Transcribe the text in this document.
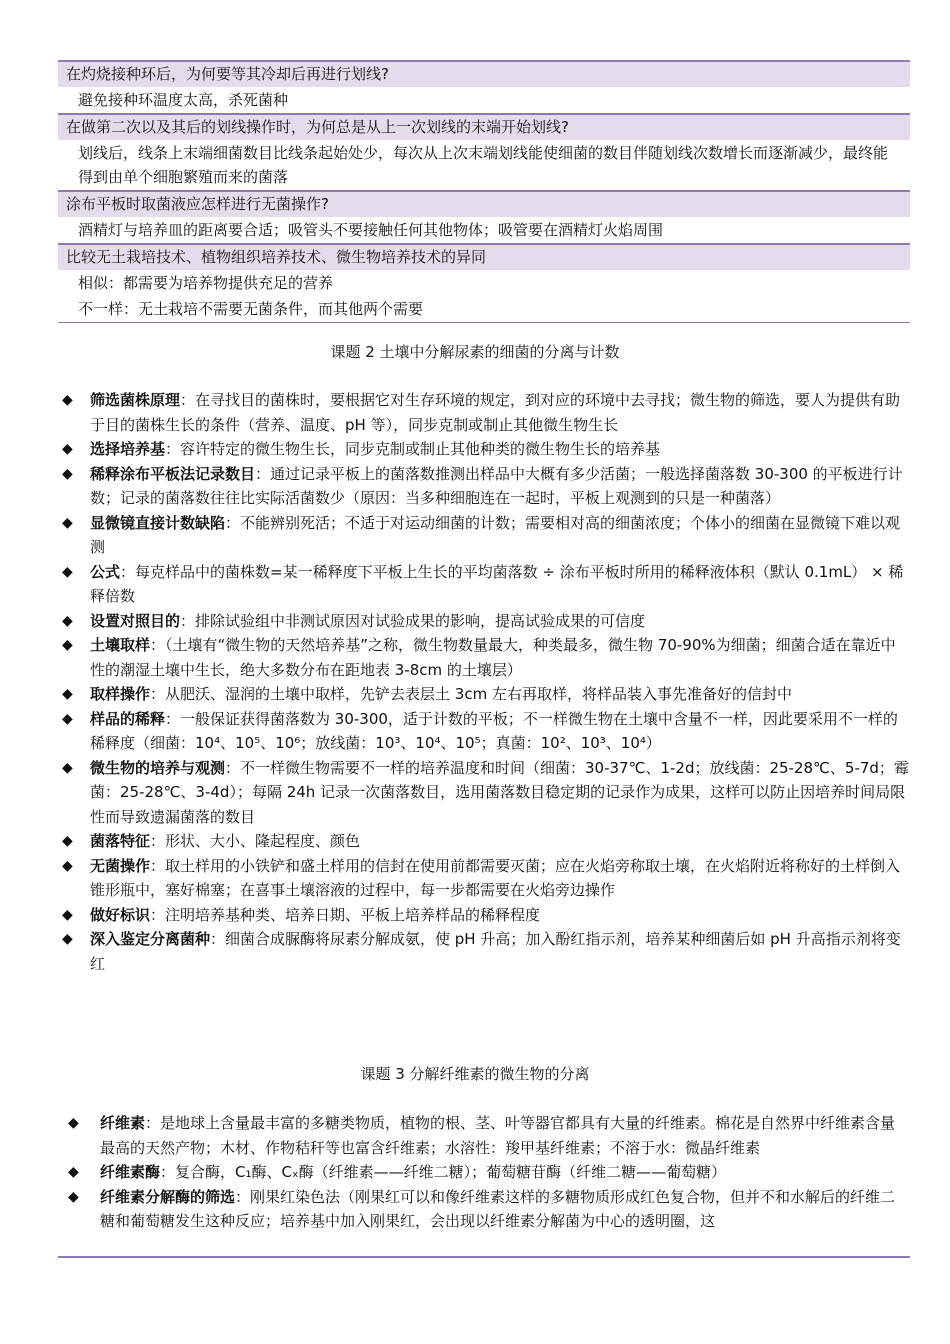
在灼烧接种环后，为何要等其冷却后再进行划线?
避免接种环温度太高，杀死菌种
在做第二次以及其后的划线操作时，为何总是从上一次划线的末端开始划线?
划线后，线条上末端细菌数目比线条起始处少，每次从上次末端划线能使细菌的数目伴随划线次数增长而逐渐减少，最终能得到由单个细胞繁殖而来的菌落
涂布平板时取菌液应怎样进行无菌操作?
酒精灯与培养皿的距离要合适；吸管头不要接触任何其他物体；吸管要在酒精灯火焰周围
比较无土栽培技术、植物组织培养技术、微生物培养技术的异同
相似：都需要为培养物提供充足的营养
不一样：无土栽培不需要无菌条件，而其他两个需要
课题 2 土壤中分解尿素的细菌的分离与计数
◆ 筛选菌株原理：在寻找目的菌株时，要根据它对生存环境的规定，到对应的环境中去寻找；微生物的筛选，要人为提供有助于目的菌株生长的条件（营养、温度、pH 等），同步克制或制止其他微生物生长
◆ 选择培养基：容许特定的微生物生长，同步克制或制止其他种类的微生物生长的培养基
◆ 稀释涂布平板法记录数目：通过记录平板上的菌落数推测出样品中大概有多少活菌；一般选择菌落数 30-300 的平板进行计数；记录的菌落数往往比实际活菌数少（原因：当多种细胞连在一起时，平板上观测到的只是一种菌落）
◆ 显微镜直接计数缺陷：不能辨别死活；不适于对运动细菌的计数；需要相对高的细菌浓度；个体小的细菌在显微镜下难以观测
◆ 公式：每克样品中的菌株数=某一稀释度下平板上生长的平均菌落数 ÷ 涂布平板时所用的稀释液体积（默认 0.1mL） × 稀释倍数
◆ 设置对照目的：排除试验组中非测试原因对试验成果的影响，提高试验成果的可信度
◆ 土壤取样：（土壤有“微生物的天然培养基”之称，微生物数量最大，种类最多，微生物 70-90%为细菌；细菌合适在靠近中性的潮湿土壤中生长，绝大多数分布在距地表 3-8cm 的土壤层）
◆ 取样操作：从肥沃、湿润的土壤中取样，先铲去表层土 3cm 左右再取样，将样品装入事先准备好的信封中
◆ 样品的稀释：一般保证获得菌落数为 30-300，适于计数的平板；不一样微生物在土壤中含量不一样，因此要采用不一样的稀释度（细菌：10⁴、10⁵、10⁶；放线菌：10³、10⁴、10⁵；真菌：10²、10³、10⁴）
◆ 微生物的培养与观测：不一样微生物需要不一样的培养温度和时间（细菌：30-37℃、1-2d；放线菌：25-28℃、5-7d；霉菌：25-28℃、3-4d）；每隔 24h 记录一次菌落数目，选用菌落数目稳定期的记录作为成果，这样可以防止因培养时间局限性而导致遗漏菌落的数目
◆ 菌落特征：形状、大小、隆起程度、颜色
◆ 无菌操作：取土样用的小铁铲和盛土样用的信封在使用前都需要灭菌；应在火焰旁称取土壤，在火焰附近将称好的土样倒入锥形瓶中，塞好棉塞；在喜事土壤溶液的过程中，每一步都需要在火焰旁边操作
◆ 做好标识：注明培养基种类、培养日期、平板上培养样品的稀释程度
◆ 深入鉴定分离菌种：细菌合成脲酶将尿素分解成氨，使 pH 升高；加入酚红指示剂，培养某种细菌后如 pH 升高指示剂将变红
课题 3 分解纤维素的微生物的分离
◆ 纤维素：是地球上含量最丰富的多糖类物质，植物的根、茎、叶等器官都具有大量的纤维素。棉花是自然界中纤维素含量最高的天然产物；木材、作物秸秆等也富含纤维素；水溶性：羧甲基纤维素；不溶于水：微晶纤维素
◆ 纤维素酶：复合酶，C₁酶、Cₓ酶（纤维素——纤维二糖）；葡萄糖苷酶（纤维二糖——葡萄糖）
◆ 纤维素分解酶的筛选：刚果红染色法（刚果红可以和像纤维素这样的多糖物质形成红色复合物，但并不和水解后的纤维二糖和葡萄糖发生这种反应；培养基中加入刚果红，会出现以纤维素分解菌为中心的透明圈，这
